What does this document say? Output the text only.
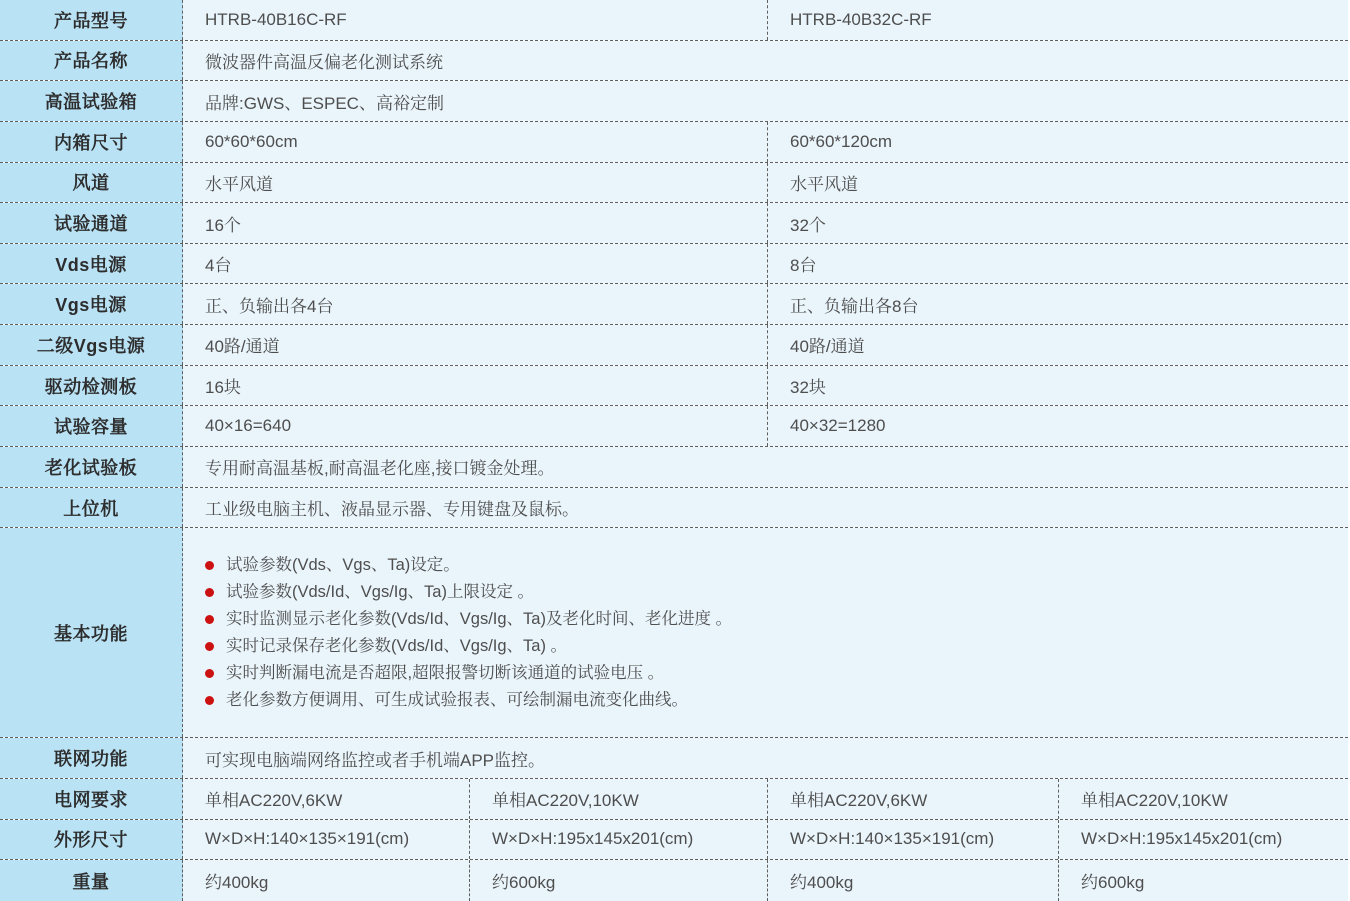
产品型号	HTRB-40B16C-RF	HTRB-40B32C-RF
产品名称	微波器件高温反偏老化测试系统
高温试验箱	品牌:GWS、ESPEC、高裕定制
内箱尺寸	60*60*60cm	60*60*120cm
风道	水平风道	水平风道
试验通道	16个	32个
Vds电源	4台	8台
Vgs电源	正、负输出各4台	正、负输出各8台
二级Vgs电源	40路/通道	40路/通道
驱动检测板	16块	32块
试验容量	40×16=640	40×32=1280
老化试验板	专用耐高温基板,耐高温老化座,接口镀金处理。
上位机	工业级电脑主机、液晶显示器、专用键盘及鼠标。
基本功能
试验参数(Vds、Vgs、Ta)设定。
试验参数(Vds/Id、Vgs/Ig、Ta)上限设定 。
实时监测显示老化参数(Vds/Id、Vgs/Ig、Ta)及老化时间、老化进度 。
实时记录保存老化参数(Vds/Id、Vgs/Ig、Ta) 。
实时判断漏电流是否超限,超限报警切断该通道的试验电压 。
老化参数方便调用、可生成试验报表、可绘制漏电流变化曲线。
联网功能	可实现电脑端网络监控或者手机端APP监控。
电网要求	单相AC220V,6KW	单相AC220V,10KW	单相AC220V,6KW	单相AC220V,10KW
外形尺寸	W×D×H:140×135×191(cm)	W×D×H:195x145x201(cm)	W×D×H:140×135×191(cm)	W×D×H:195x145x201(cm)
重量	约400kg	约600kg	约400kg	约600kg
